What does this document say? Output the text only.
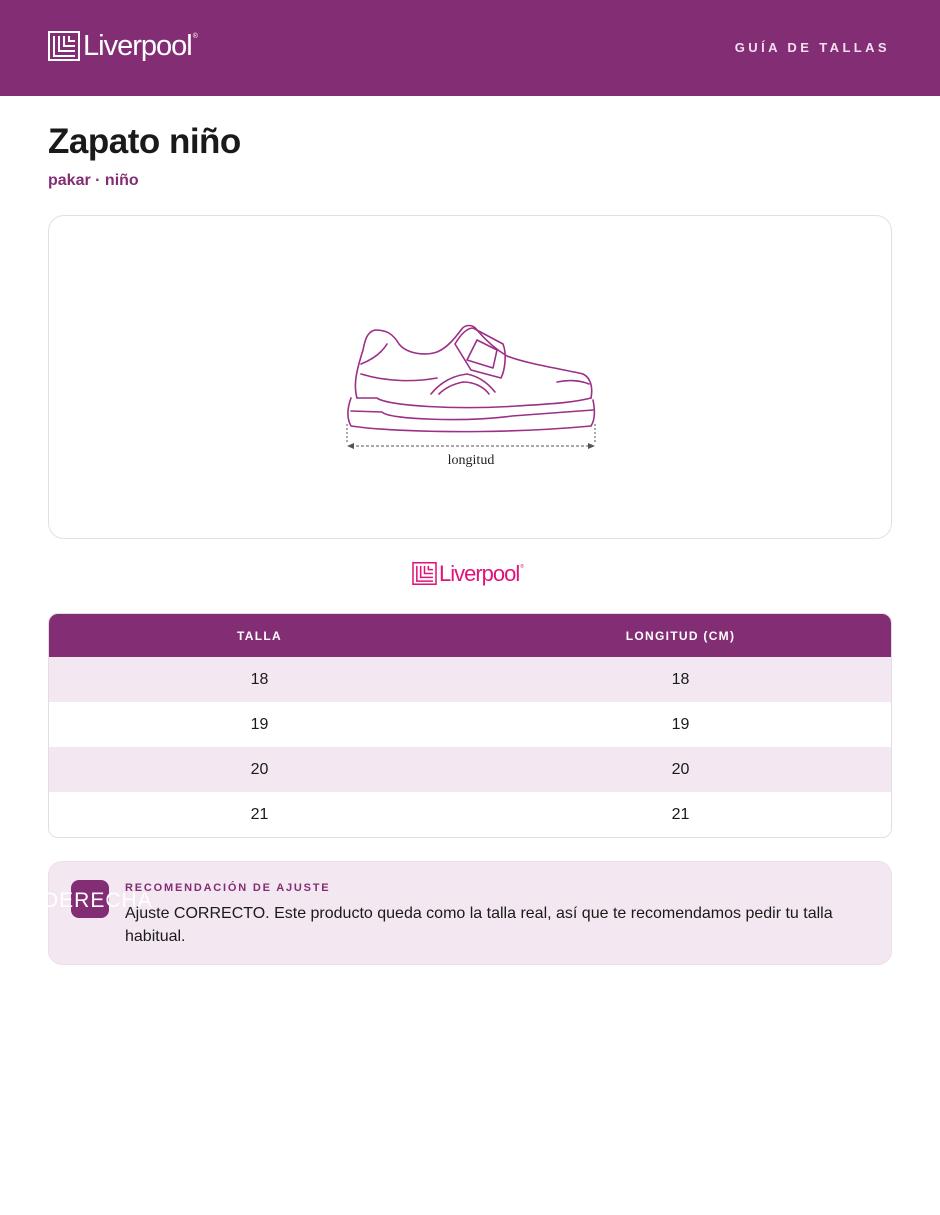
Liverpool ®
GUÍA DE TALLAS
Zapato niño
pakar · niño
longitud
Liverpool ®
TALLA	LONGITUD (CM)
18	18
19	19
20	20
21	21
DERECHA
RECOMENDACIÓN DE AJUSTE
Ajuste CORRECTO. Este producto queda como la talla real, así que te recomendamos pedir tu talla habitual.
